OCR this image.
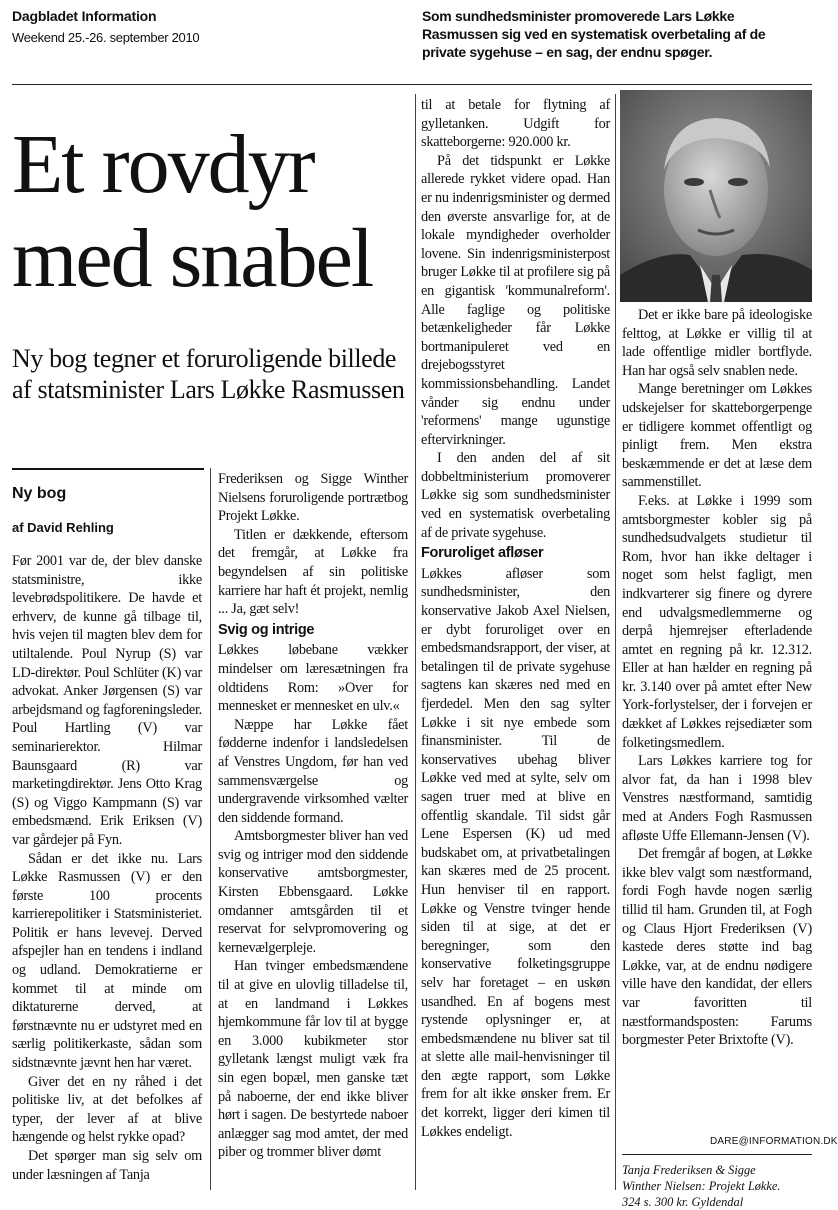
Dagbladet Information
Weekend 25.-26. september 2010
Som sundhedsminister promoverede Lars Løkke Rasmussen sig ved en systematisk overbetaling af de private sygehuse – en sag, der endnu spøger.
Et rovdyr
med snabel
Ny bog tegner et foruroligende billede af statsminister Lars Løkke Rasmussen
Ny bog
af David Rehling

Før 2001 var de, der blev danske statsministre, ikke levebrødspolitikere. De havde et erhverv, de kunne gå tilbage til, hvis vejen til magten blev dem for utiltalende. Poul Nyrup (S) var LD-direktør. Poul Schlüter (K) var advokat. Anker Jørgensen (S) var arbejdsmand og fagforeningsleder. Poul Hartling (V) var seminarierektor. Hilmar Baunsgaard (R) var marketingdirektør. Jens Otto Krag (S) og Viggo Kampmann (S) var embedsmænd. Erik Eriksen (V) var gårdejer på Fyn.

Sådan er det ikke nu. Lars Løkke Rasmussen (V) er den første 100 procents karrierepolitiker i Statsministeriet. Politik er hans levevej. Derved afspejler han en tendens i indland og udland. Demokratierne er kommet til at minde om diktaturerne derved, at førstnævnte nu er udstyret med en særlig politikerkaste, sådan som sidstnævnte jævnt hen har været.

Giver det en ny råhed i det politiske liv, at det befolkes af typer, der lever af at blive hængende og helst rykke opad?

Det spørger man sig selv om under læsningen af Tanja

Frederiksen og Sigge Winther Nielsens foruroligende portrætbog Projekt Løkke.

Titlen er dækkende, eftersom det fremgår, at Løkke fra begyndelsen af sin politiske karriere har haft ét projekt, nemlig ... Ja, gæt selv!

Svig og intrige

Løkkes løbebane vækker mindelser om læresætningen fra oldtidens Rom: »Over for mennesket er mennesket en ulv.«

Næppe har Løkke fået fødderne indenfor i landsledelsen af Venstres Ungdom, før han ved sammensværgelse og undergravende virksomhed vælter den siddende formand.

Amtsborgmester bliver han ved svig og intriger mod den siddende konservative amtsborgmester, Kirsten Ebbensgaard. Løkke omdanner amtsgården til et reservat for selvpromovering og kernevælgerpleje.

Han tvinger embedsmændene til at give en ulovlig tilladelse til, at en landmand i Løkkes hjemkommune får lov til at bygge en 3.000 kubikmeter stor gylletank længst muligt væk fra sin egen bopæl, men ganske tæt på naboerne, der end ikke bliver hørt i sagen. De bestyrtede naboer anlægger sag mod amtet, der med piber og trommer bliver dømt

til at betale for flytning af gylletanken. Udgift for skatteborgerne: 920.000 kr.

På det tidspunkt er Løkke allerede rykket videre opad. Han er nu indenrigsminister og dermed den øverste ansvarlige for, at de lokale myndigheder overholder lovene. Sin indenrigsministerpost bruger Løkke til at profilere sig på en gigantisk 'kommunalreform'. Alle faglige og politiske betænkeligheder får Løkke bortmanipuleret ved en drejebogsstyret kommissionsbehandling. Landet vånder sig endnu under 'reformens' mange ugunstige eftervirkninger.

I den anden del af sit dobbeltministerium promoverer Løkke sig som sundhedsminister ved en systematisk overbetaling af de private sygehuse.

Foruroliget afløser

Løkkes afløser som sundhedsminister, den konservative Jakob Axel Nielsen, er dybt foruroliget over en embedsmandsrapport, der viser, at betalingen til de private sygehuse sagtens kan skæres ned med en fjerdedel. Men den sag sylter Løkke i sit nye embede som finansminister. Til de konservatives ubehag bliver Løkke ved med at sylte, selv om sagen truer med at blive en offentlig skandale. Til sidst går Lene Espersen (K) ud med budskabet om, at privatbetalingen kan skæres med de 25 procent. Hun henviser til en rapport. Løkke og Venstre tvinger hende siden til at sige, at det er beregninger, som den konservative folketingsgruppe selv har foretaget – en uskøn usandhed. En af bogens mest rystende oplysninger er, at embedsmændene nu bliver sat til at slette alle mail-henvisninger til den ægte rapport, som Løkke frem for alt ikke ønsker frem. Er det korrekt, ligger deri kimen til Løkkes endeligt.

Det er ikke bare på ideologiske felttog, at Løkke er villig til at lade offentlige midler bortflyde. Han har også selv snablen nede.

Mange beretninger om Løkkes udskejelser for skatteborgerpenge er tidligere kommet offentligt og pinligt frem. Men ekstra beskæmmende er det at læse dem sammenstillet.

F.eks. at Løkke i 1999 som amtsborgmester kobler sig på sundhedsudvalgets studietur til Rom, hvor han ikke deltager i noget som helst fagligt, men indkvarterer sig finere og dyrere end udvalgsmedlemmerne og derpå hjemrejser efterladende amtet en regning på kr. 12.312. Eller at han hælder en regning på kr. 3.140 over på amtet efter New York-forlystelser, der i forvejen er dækket af Løkkes rejsediæter som folketingsmedlem.

Lars Løkkes karriere tog for alvor fat, da han i 1998 blev Venstres næstformand, samtidig med at Anders Fogh Rasmussen afløste Uffe Ellemann-Jensen (V).

Det fremgår af bogen, at Løkke ikke blev valgt som næstformand, fordi Fogh havde nogen særlig tillid til ham. Grunden til, at Fogh og Claus Hjort Frederiksen (V) kastede deres støtte ind bag Løkke, var, at de endnu nødigere ville have den kandidat, der ellers var favoritten til næstformandsposten: Farums borgmester Peter Brixtofte (V).

DARE@INFORMATION.DK
Tanja Frederiksen & Sigge
Winther Nielsen: Projekt Løkke.
324 s. 300 kr. Gyldendal
